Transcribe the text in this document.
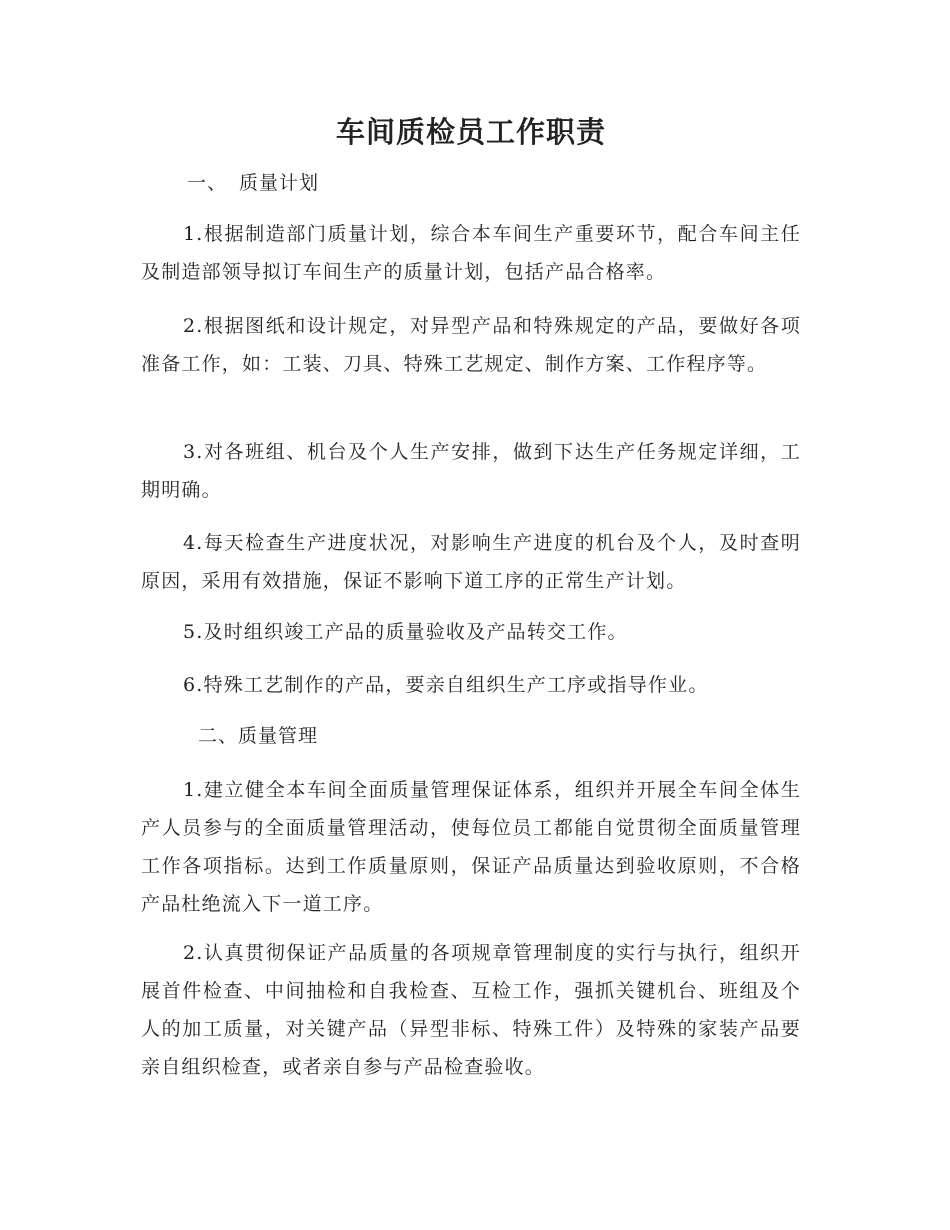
车间质检员工作职责
一、 质量计划
1.根据制造部门质量计划，综合本车间生产重要环节，配合车间主任及制造部领导拟订车间生产的质量计划，包括产品合格率。
2.根据图纸和设计规定，对异型产品和特殊规定的产品，要做好各项准备工作，如：工装、刀具、特殊工艺规定、制作方案、工作程序等。
3.对各班组、机台及个人生产安排，做到下达生产任务规定详细，工期明确。
4.每天检查生产进度状况，对影响生产进度的机台及个人，及时查明原因，采用有效措施，保证不影响下道工序的正常生产计划。
5.及时组织竣工产品的质量验收及产品转交工作。
6.特殊工艺制作的产品，要亲自组织生产工序或指导作业。
二、质量管理
1.建立健全本车间全面质量管理保证体系，组织并开展全车间全体生产人员参与的全面质量管理活动，使每位员工都能自觉贯彻全面质量管理工作各项指标。达到工作质量原则，保证产品质量达到验收原则，不合格产品杜绝流入下一道工序。
2.认真贯彻保证产品质量的各项规章管理制度的实行与执行，组织开展首件检查、中间抽检和自我检查、互检工作，强抓关键机台、班组及个人的加工质量，对关键产品（异型非标、特殊工件）及特殊的家装产品要亲自组织检查，或者亲自参与产品检查验收。
